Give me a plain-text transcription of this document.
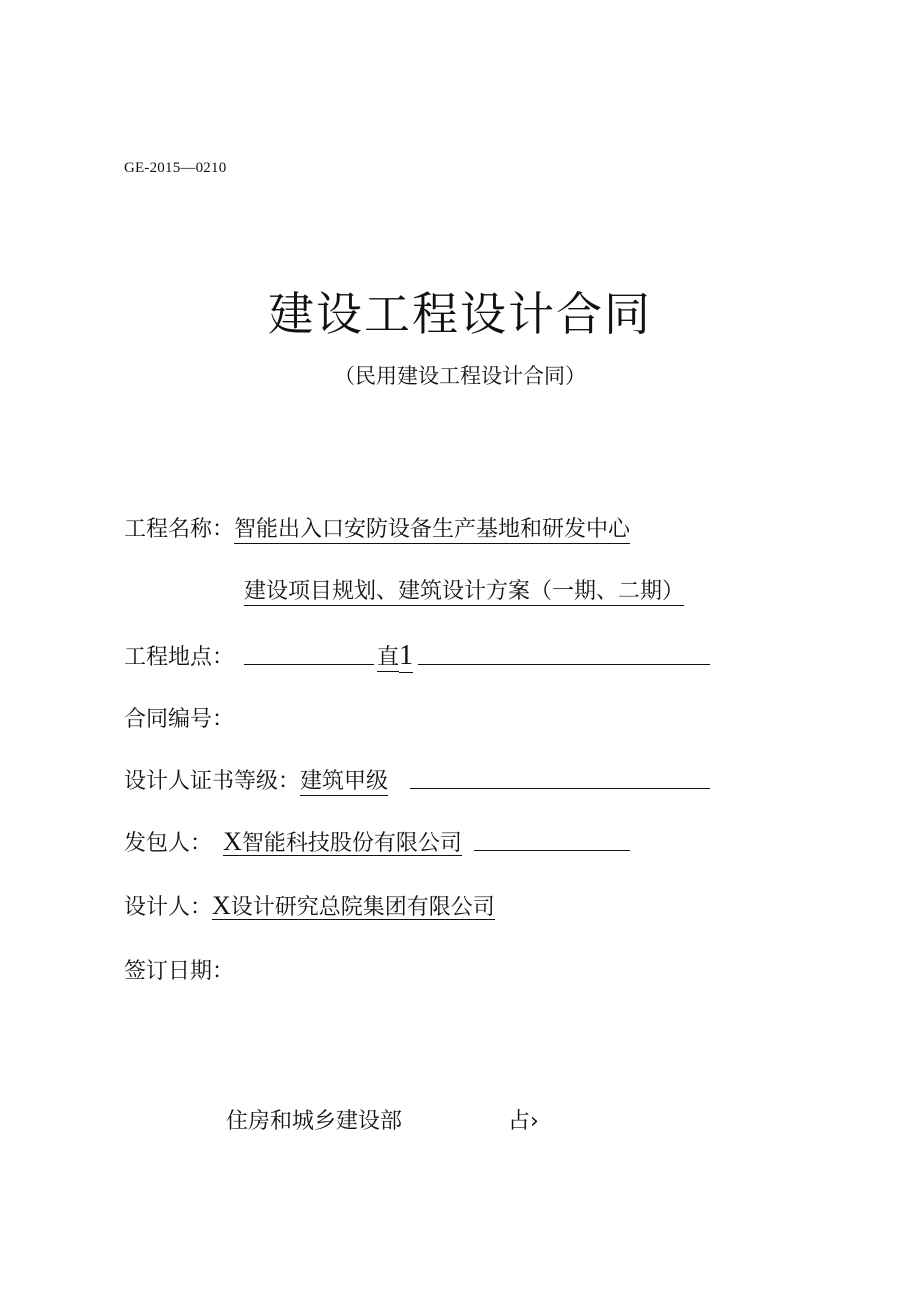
GE-2015—0210
建设工程设计合同
（民用建设工程设计合同）
工程名称：智能出入口安防设备生产基地和研发中心
建设项目规划、建筑设计方案（一期、二期）
工程地点：	直1
合同编号：
设计人证书等级：建筑甲级
发包人： X智能科技股份有限公司
设计人：X设计研究总院集团有限公司
签订日期：
住房和城乡建设部	占›
